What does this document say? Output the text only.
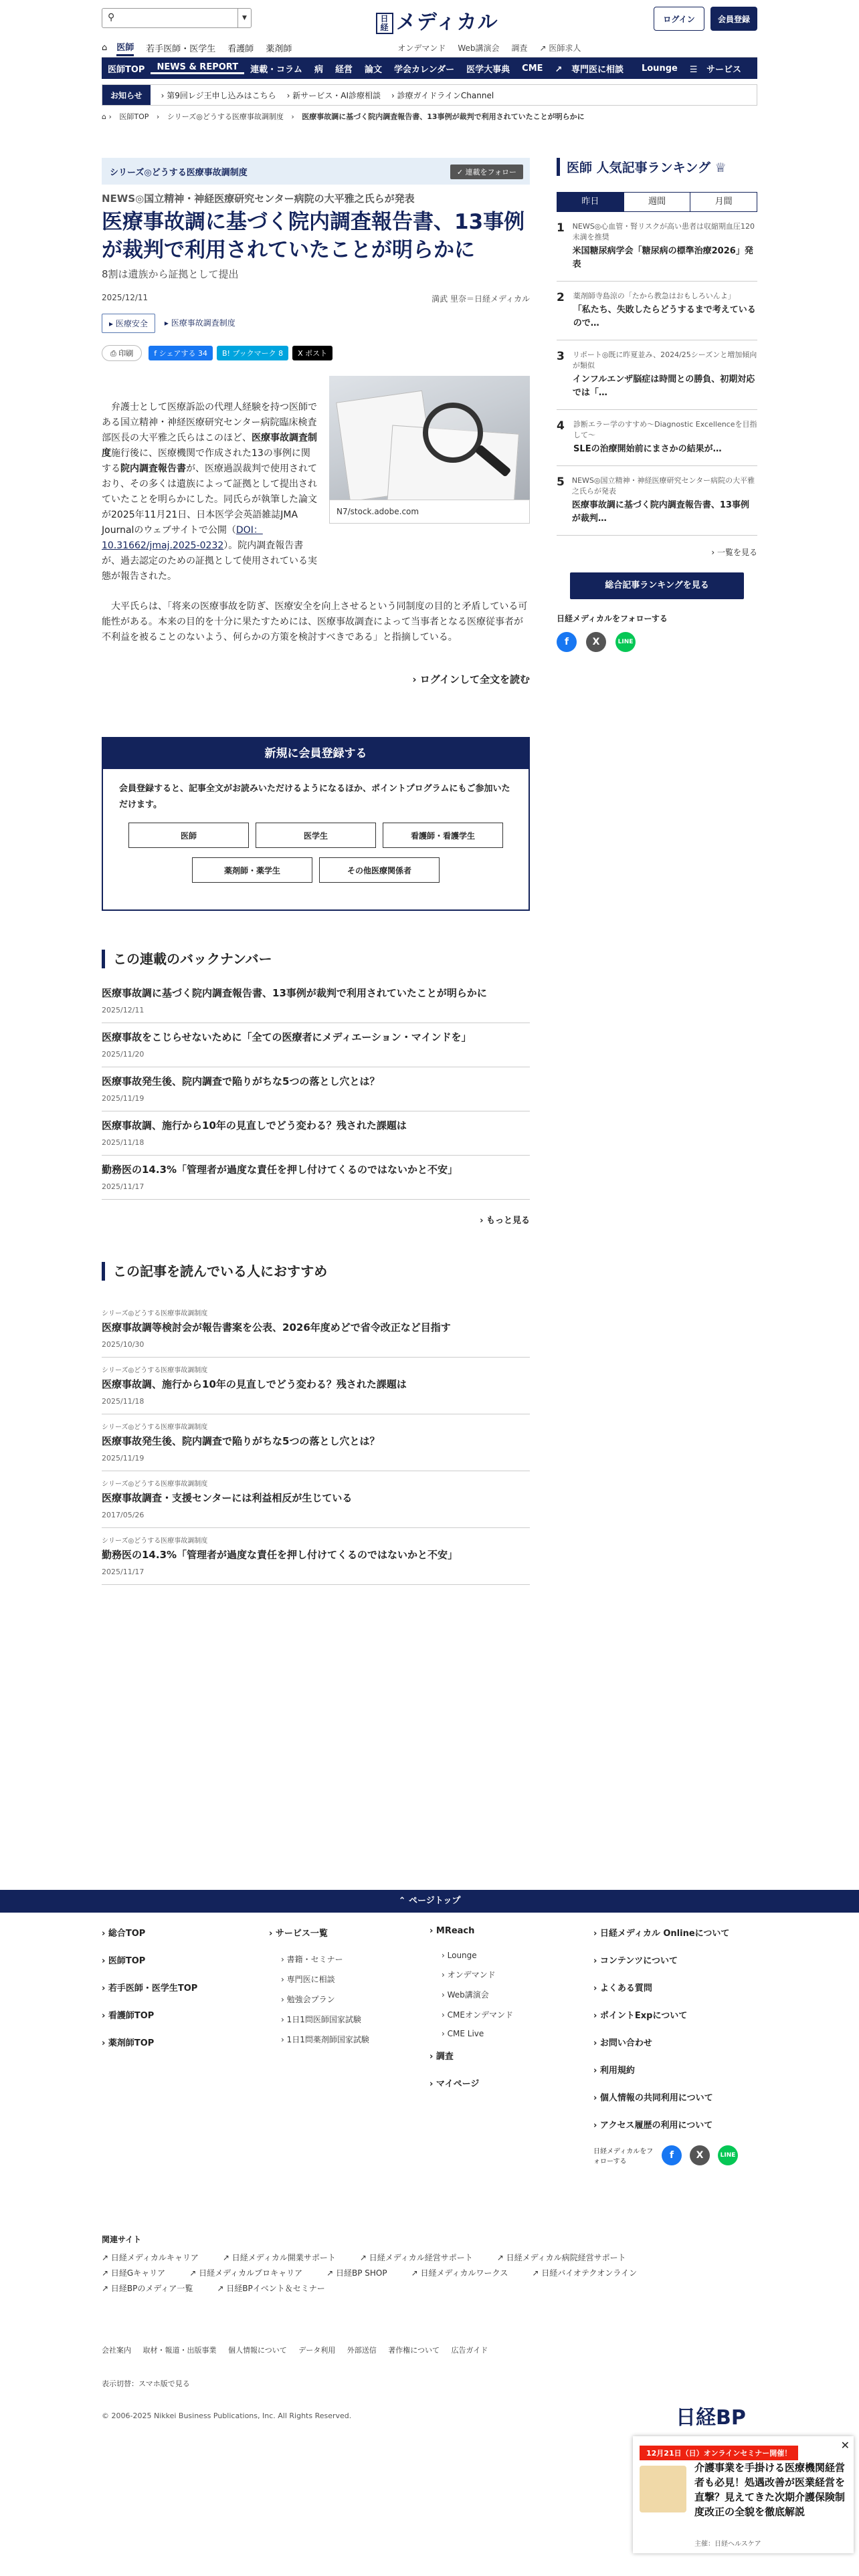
⚲	▼	日経 メディカル	ログイン	会員登録
⌂ 医師 若手医師・医学生 看護師 薬剤師	オンデマンド Web講演会 調査 ↗ 医師求人
医師TOP	NEWS & REPORT	連載・コラム	病	経営	論文	学会カレンダー	医学大事典	CME	↗ 専門医に相談	Lounge	☰ サービス
お知らせ	› 第9回レジ王申し込みはこちら › 新サービス・AI診療相談 › 診療ガイドラインChannel
⌂ › 医師TOP › シリーズ◎どうする医療事故調制度 › 医療事故調に基づく院内調査報告書、13事例が裁判で利用されていたことが明らかに
シリーズ◎どうする医療事故調制度	✓ 連載をフォロー
NEWS◎国立精神・神経医療研究センター病院の大平雅之氏らが発表
医療事故調に基づく院内調査報告書、13事例が裁判で利用されていたことが明らかに
8割は遺族から証拠として提出
2025/12/11	満武 里奈＝日経メディカル
▸ 医療安全	▸ 医療事故調査制度
⎙ 印刷	f シェアする 34	B! ブックマーク 8	X ポスト
N7/stock.adobe.com

弁護士として医療訴訟の代理人経験を持つ医師である国立精神・神経医療研究センター病院臨床検査部医長の大平雅之氏らはこのほど、医療事故調査制度施行後に、医療機関で作成された13の事例に関する院内調査報告書が、医療過誤裁判で使用されており、その多くは遺族によって証拠として提出されていたことを明らかにした。同氏らが執筆した論文が2025年11月21日、日本医学会英語雑誌JMA Journalのウェブサイトで公開（DOI：10.31662/jmaj.2025-0232）。院内調査報告書が、過去認定のための証拠として使用されている実態が報告された。

大平氏らは、「将来の医療事故を防ぎ、医療安全を向上させるという同制度の目的と矛盾している可能性がある。本来の目的を十分に果たすためには、医療事故調査によって当事者となる医療従事者が不利益を被ることのないよう、何らかの方策を検討すべきである」と指摘している。

› ログインして全文を読む
新規に会員登録する
会員登録すると、記事全文がお読みいただけるようになるほか、ポイントプログラムにもご参加いただけます。
医師	医学生	看護師・看護学生
薬剤師・薬学生	その他医療関係者
この連載のバックナンバー
医療事故調に基づく院内調査報告書、13事例が裁判で利用されていたことが明らかに
2025/12/11
医療事故をこじらせないために「全ての医療者にメディエーション・マインドを」
2025/11/20
医療事故発生後、院内調査で陥りがちな5つの落とし穴とは？
2025/11/19
医療事故調、施行から10年の見直しでどう変わる？残された課題は
2025/11/18
勤務医の14.3%「管理者が過度な責任を押し付けてくるのではないかと不安」
2025/11/17
› もっと見る
この記事を読んでいる人におすすめ
シリーズ◎どうする医療事故調制度
医療事故調等検討会が報告書案を公表、2026年度めどで省令改正など目指す
2025/10/30
シリーズ◎どうする医療事故調制度
医療事故調、施行から10年の見直しでどう変わる？残された課題は
2025/11/18
シリーズ◎どうする医療事故調制度
医療事故発生後、院内調査で陥りがちな5つの落とし穴とは？
2025/11/19
シリーズ◎どうする医療事故調制度
医療事故調査・支援センターには利益相反が生じている
2017/05/26
シリーズ◎どうする医療事故調制度
勤務医の14.3%「管理者が過度な責任を押し付けてくるのではないかと不安」
2025/11/17
医師 人気記事ランキング ♕
昨日	週間	月間
1	NEWS◎心血管・腎リスクが高い患者は収縮期血圧120未満を推奨
米国糖尿病学会「糖尿病の標準治療2026」発表
2	薬剤師寺島涼の「たから教急はおもしろいんよ」
「私たち、失敗したらどうするまで考えているので…
3	リポート◎既に昨夏並み、2024/25シーズンと増加傾向が類似
インフルエンザ脳症は時間との勝負、初期対応では「…
4	診断エラー学のすすめ〜Diagnostic Excellenceを目指して〜
SLEの治療開始前にまさかの結果が…
5	NEWS◎国立精神・神経医療研究センター病院の大平雅之氏らが発表
医療事故調に基づく院内調査報告書、13事例が裁判…
› 一覧を見る
総合記事ランキングを見る
日経メディカルをフォローする
f	X	LINE
⌃ ページトップ
› 総合TOP
› 医師TOP
› 若手医師・医学生TOP
› 看護師TOP
› 薬剤師TOP
› サービス一覧
› 書籍・セミナー
› 専門医に相談
› 勉強会プラン
› 1日1問医師国家試験
› 1日1問薬剤師国家試験
› MReach
› Lounge
› オンデマンド
› Web講演会
› CMEオンデマンド
› CME Live
› 調査
› マイページ
› 日経メディカル Onlineについて
› コンテンツについて
› よくある質問
› ポイントExpについて
› お問い合わせ
› 利用規約
› 個人情報の共同利用について
› アクセス履歴の利用について
日経メディカルをフォローする
f	X	LINE
関連サイト
↗ 日経メディカルキャリア	↗ 日経メディカル開業サポート	↗ 日経メディカル経営サポート	↗ 日経メディカル病院経営サポート
↗ 日経Gキャリア	↗ 日経メディカルプロキャリア	↗ 日経BP SHOP	↗ 日経メディカルワークス	↗ 日経バイオテクオンライン
↗ 日経BPのメディア一覧	↗ 日経BPイベント＆セミナー
会社案内 取材・報道・出版事業 個人情報について データ利用 外部送信 著作権について 広告ガイド
表示切替：スマホ版で見る
© 2006-2025 Nikkei Business Publications, Inc. All Rights Reserved.	日経BP
✕
12月21日（日）オンラインセミナー開催！
介護事業を手掛ける医療機関経営者も必見！処遇改善が医業経営を直撃？見えてきた次期介護保険制度改正の全貌を徹底解説
主催：日経ヘルスケア
